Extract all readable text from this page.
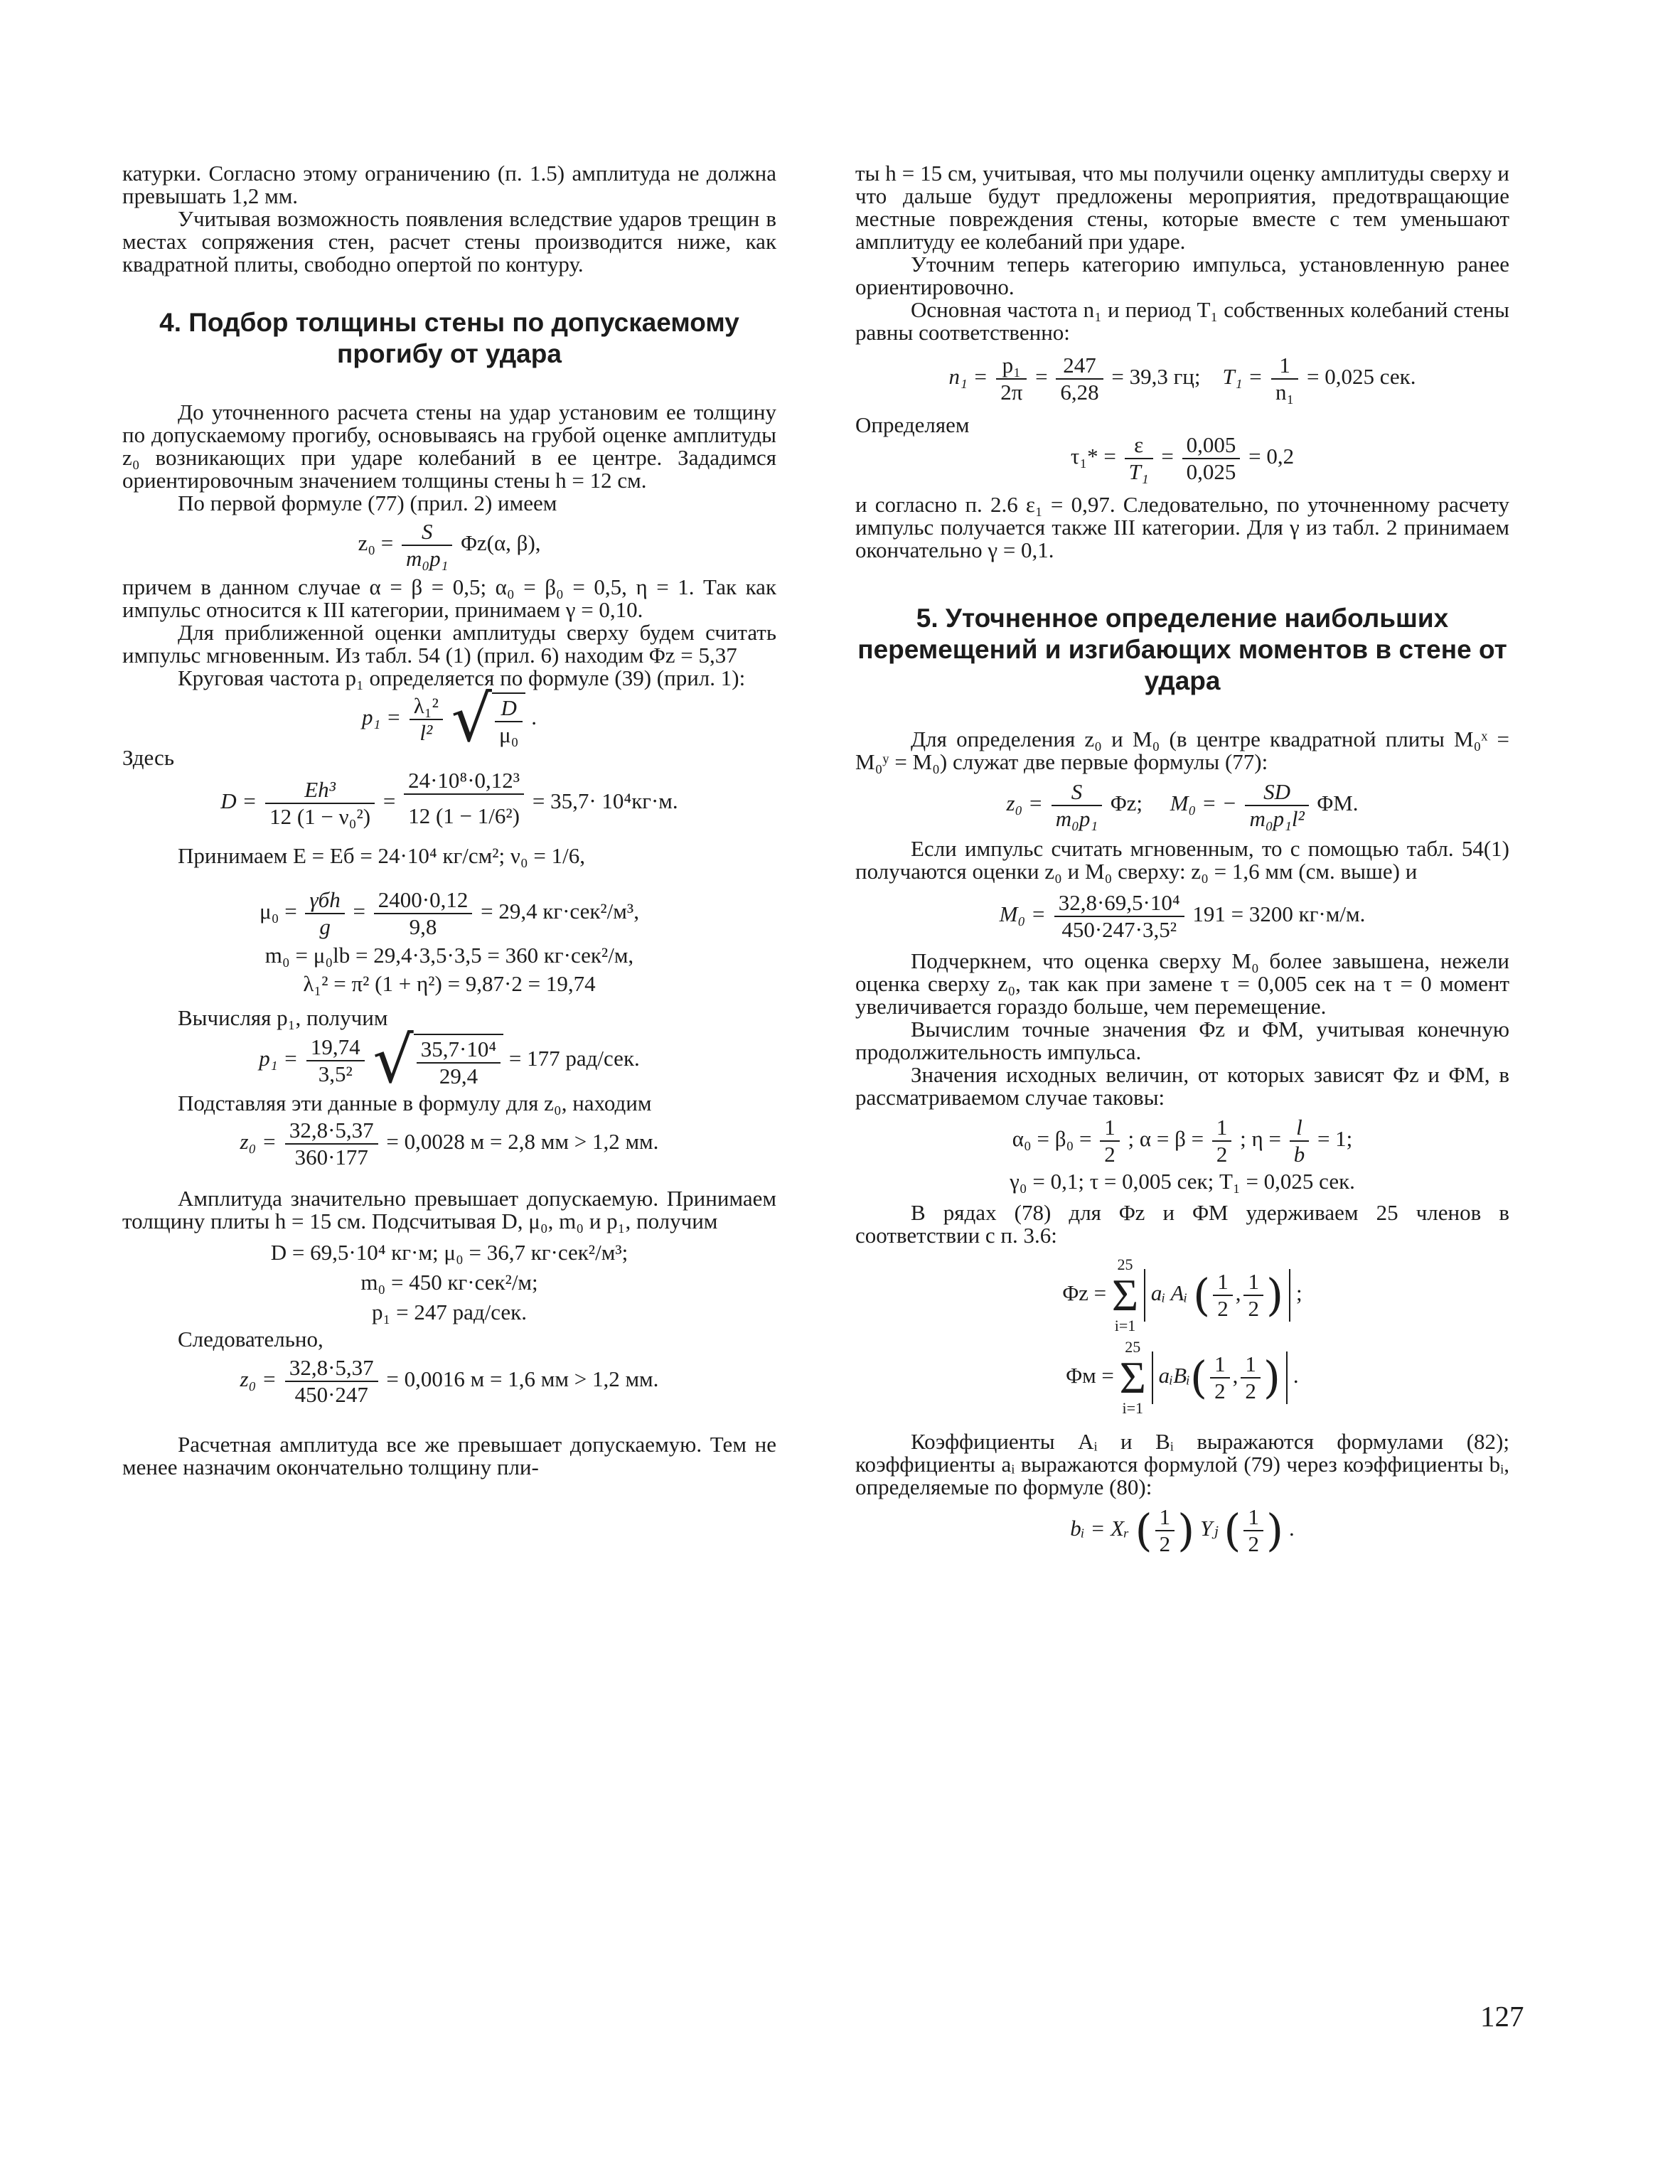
катурки. Согласно этому ограничению (п. 1.5) амплитуда не должна превышать 1,2 мм.

Учитывая возможность появления вследствие ударов трещин в местах сопряжения стен, расчет стены производится ниже, как квадратной плиты, свободно опертой по контуру.

4. Подбор толщины стены по допускаемому прогибу от удара

До уточненного расчета стены на удар установим ее толщину по допускаемому прогибу, основываясь на грубой оценке амплитуды z₀ возникающих при ударе колебаний в ее центре. Зададимся ориентировочным значением толщины стены h = 12 см.

По первой формуле (77) (прил. 2) имеем

$z_0 = \frac{S}{\text{m₀p₁}} \Phi z(\alpha$, β),

причем в данном случае α = β = 0,5; α₀ = β₀ = 0,5, η = 1. Так как импульс относится к III категории, принимаем γ = 0,10.

Для приближенной оценки амплитуды сверху будем считать импульс мгновенным. Из табл. 54 (1) (прил. 6) находим Φz = 5,37

Круговая частота p₁ определяется по формуле (39) (прил. 1):

$p_1 = \frac{\text{λ₁²}}{\text{l²}}$ √ $\frac{D}{\text{μ₀}}$ .

Здесь

$D = \frac{\text{Eh³}}{\text{12 (1 − ν₀²)}} = \frac{\text{24·10⁸·0,12³}}{\text{12 (1 − 1/6²)}} = 35,7\cdot 10^4кг\cdot м$.

Принимаем E = Eб = 24·10⁴ кг/см²; ν₀ = 1/6,

μ₀ = γбh
g
= $\frac{2400\cdot 0,12}{9,8} = 29,4$ кг·сек²/м³,
m₀ = μ₀lb = 29,4·3,5·3,5 = 360 кг·сек²/м,
λ₁² = π² (1 + η²) = 9,87·2 = 19,74

Вычисляя p₁, получим

$p_1 = \frac{19,74}{\text{3,5²}}$ √ $\frac{\text{35,7·10⁴}}{29,4} = 177$ рад/сек.

Подставляя эти данные в формулу для z₀, находим

$z_0 = \frac{32,8\cdot 5,37}{360\cdot 177} = 0,0028$ м = 2,8 мм > 1,2 мм.

Амплитуда значительно превышает допускаемую. Принимаем толщину плиты h = 15 см. Подсчитывая D, μ₀, m₀ и p₁, получим

D = 69,5·10⁴ кг·м; μ₀ = 36,7 кг·сек²/м³;
m₀ = 450 кг·сек²/м;
p₁ = 247 рад/сек.

Следовательно,

$z_0 = \frac{32,8\cdot 5,37}{450\cdot 247} = 0,0016$ м = 1,6 мм > 1,2 мм.

Расчетная амплитуда все же превышает допускаемую. Тем не менее назначим окончательно толщину пли-

ты h = 15 см, учитывая, что мы получили оценку амплитуды сверху и что дальше будут предложены мероприятия, предотвращающие местные повреждения стены, которые вместе с тем уменьшают амплитуду ее колебаний при ударе.

Уточним теперь категорию импульса, установленную ранее ориентировочно.

Основная частота n₁ и период T₁ собственных колебаний стены равны соответственно:

$n_1 = \frac{\text{p₁}}{2\pi} = \frac{247}{6,28} = 39,3$ гц; $T_1 = \frac{1}{\text{n₁}} = 0,025$ сек.

Определяем

$\tau_1* = \frac{\varepsilon}{\text{T₁}} = \frac{0,005}{0,025} = 0,2$

и согласно п. 2.6 ε₁ = 0,97. Следовательно, по уточненному расчету импульс получается также III категории. Для γ из табл. 2 принимаем окончательно γ = 0,1.

5. Уточненное определение наибольших перемещений и изгибающих моментов в стене от удара

Для определения z₀ и M₀ (в центре квадратной плиты M₀ˣ = M₀ʸ = M₀) служат две первые формулы (77):

$z_0 = \frac{S}{\text{m₀p₁}} \Phi z$; M₀ = − $\frac{SD}{\text{m₀p₁l²}} \Phi M$.

Если импульс считать мгновенным, то с помощью табл. 54(1) получаются оценки z₀ и M₀ сверху: z₀ = 1,6 мм (см. выше) и

$M_0 = \frac{\text{32,8·69,5·10⁴}}{\text{450·247·3,5²}} 191 = 3200$ кг·м/м.

Подчеркнем, что оценка сверху M₀ более завышена, нежели оценка сверху z₀, так как при замене τ = 0,005 сек на τ = 0 момент увеличивается гораздо больше, чем перемещение.

Вычислим точные значения Φz и ΦM, учитывая конечную продолжительность импульса.

Значения исходных величин, от которых зависят Φz и ΦM, в рассматриваемом случае таковы:

$\alpha_0 = \beta_0 = \frac{1}{2}$ ; $\alpha = \beta = \frac{1}{2}$ ; $\eta = \frac{l}{b} = 1$;
γ₀ = 0,1; τ = 0,005 сек; T₁ = 0,025 сек.

В рядах (78) для Φz и ΦM удерживаем 25 членов в соответствии с п. 3.6:

Φz =
25
Σ
i=1
aᵢ Aᵢ ( $\frac{1}{2}$ , $\frac{1}{2}$ ) ;
Φм =
25
Σ
i=1
aᵢBᵢ( $\frac{1}{2}$ , $\frac{1}{2}$ ) .

Коэффициенты Aᵢ и Bᵢ выражаются формулами (82); коэффициенты aᵢ выражаются формулой (79) через коэффициенты bᵢ, определяемые по формуле (80):

bᵢ = Xᵣ ( $\frac{1}{2}$ ) Yⱼ ( $\frac{1}{2}$ ) .
127
